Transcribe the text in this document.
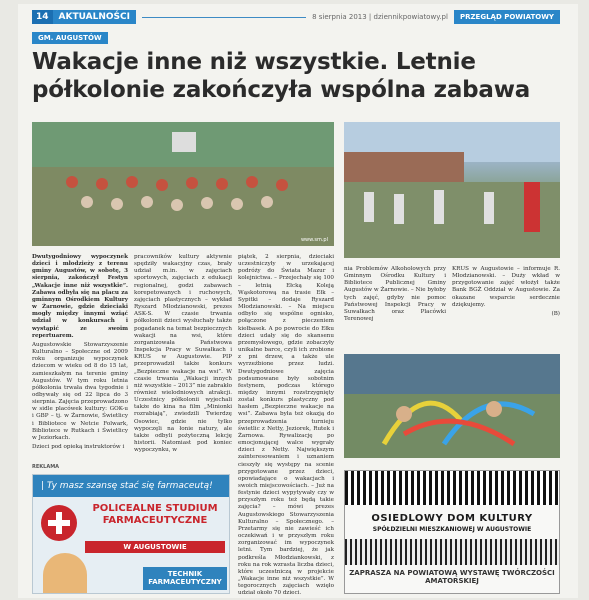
14	AKTUALNOŚCI	8 sierpnia 2013 | dziennikpowiatowy.pl	PRZEGLĄD POWIATOWY
GM. AUGUSTÓW
Wakacje inne niż wszystkie. Letnie półkolonie zakończyła wspólna zabawa
www.sm.pl

Dwutygodniowy wypoczynek dzieci i młodzieży z terenu gminy Augustów, w sobotę, 3 sierpnia, zakończył Festyn „Wakacje inne niż wszystkie”. Zabawa odbyła się na placu za gminnym Ośrodkiem Kultury w Żarnowie, gdzie dzieciaki mogły między innymi wziąć udział w konkursach i wystąpić ze swoim repertuarem.

Augustowskie Stowarzyszenie Kulturalno – Społeczne od 2009 roku organizuje wypoczynek dziecom w wieku od 8 do 15 lat, zamieszkałym na terenie gminy Augustów. W tym roku letnia półkolonia trwała dwa tygodnie i odbywały się od 22 lipca do 3 sierpnia. Zajęcia przeprowadzono w sidle placówek kultury: GOK-u i GBP – tj. w Żarnowie, Świetlicy i Bibliotece w Netcie Folwark, Bibliotece w Rutkach i Świetlicy w Jeziorkach.

Dzieci pod opieką instruktorów i

pracowników kultury aktywnie spędziły wakacyjny czas, brały udział m.in. w zajęciach sportowych, zajęciach z edukacji regionalnej, godzi zabawach korepetowanych i ruchowych, zajęciach plastycznych – wykład Ryszard Młodzianowski, prezes ASK-S. W czasie trwania półkolonii dzieci wysłuchały także pogadanek na temat bezpiecznych wakacji na wsi, które zorganizowała Państwowa Inspekcja Pracy w Suwałkach i KRUS w Augustowie. PIP przeprowadził także konkurs „Bezpieczne wakacje na wsi”. W czasie trwania „Wakacji innych niż wszystkie – 2013” nie zabrakło również wielodniowych atrakcji. Uczestnicy półkolonii wyjechali także do kina na film „Minionki rozrabiają”, zwiedzili Twierdzę Osowiec, gdzie nie tylko wypoczęli na łonie natury, ale także odbyli pożyteczną lekcję historii. Natomiast pod koniec wypoczynku, w

piątek, 2 sierpnia, dzieciaki uczestniczyły w urzekającej podróży do Świata Mazur i kolejnictwa. – Przejechały się 100 – letnią Ełcką Koleją Wąskotorową na trasie Ełk – Sypitki – dodaje Ryszard Młodzianowski. – Na miejscu odbyło się wspólne ognisko, połączone z pieczeniem kiełbasek. A po powrocie do Ełku dzieci udały się do skansenu przemysłowego, gdzie zobaczyły unikalne barce, czyli ich zrobione z pni drzew, a także ule wyrzeźbione przez ludzi. Dwutygodniowe zajęcia podsumowane były sobotnim festynem, podczas którego między innymi rozstrzygnięty został konkurs plastyczny pod hasłem „Bezpieczne wakacje na wsi”. Zabawa była też okazją do przeprowadzenia turnieju świetlic z Netty, Jeziorek, Rutek i Żarnowa. Rywalizację po emocjonującej walce wygrały dzieci z Netty. Największym zainteresowaniem i uznaniem cieszyły się występy na scenie przygotowane przez dzieci, opowiadające o wakacjach i swoich miejscowościach. – Już na festynie dzieci wypytywały czy w przyszłym roku też będą takie zajęcia? – mówi prezes Augustowskiego Stowarzyszenia Kulturalno – Społecznego. – Przetarmy się nie zawieść ich oczekiwań i w przyszłym roku zorganizować im wypoczynek letni. Tym bardziej, że jak podkreśla Młodziankowski, z roku na rok wzrasta liczba dzieci, które uczestniczą w projekcie „Wakacje inne niż wszystkie”. W tegorocznych zajęciach wzięło udział około 70 dzieci.

nia Problemów Alkoholowych przy Gminnym Ośrodku Kultury i Bibliotece Publicznej Gminy Augustów w Żarnowie. – Nie byłoby tych zajęć, gdyby nie pomoc Państwowej Inspekcji Pracy w Suwałkach oraz Placówki Terenowej

KRUS w Augustowie – informuje R. Młodzianowski. – Duży wkład w przygotowanie zajęć włożył także Bank BGŻ Oddział w Augustowie. Za okazane wsparcie serdecznie dziękujemy.

(B)

REKLAMA
| Ty masz szansę stać się farmaceutą!
POLICEALNE STUDIUM FARMACEUTYCZNE
W AUGUSTOWIE
TECHNIK FARMACEUTYCZNY
OSIEDLOWY DOM KULTURY
SPÓŁDZIELNI MIESZKANIOWEJ W AUGUSTOWIE
ZAPRASZA NA POWIATOWĄ WYSTAWĘ TWÓRCZOŚCI AMATORSKIEJ
